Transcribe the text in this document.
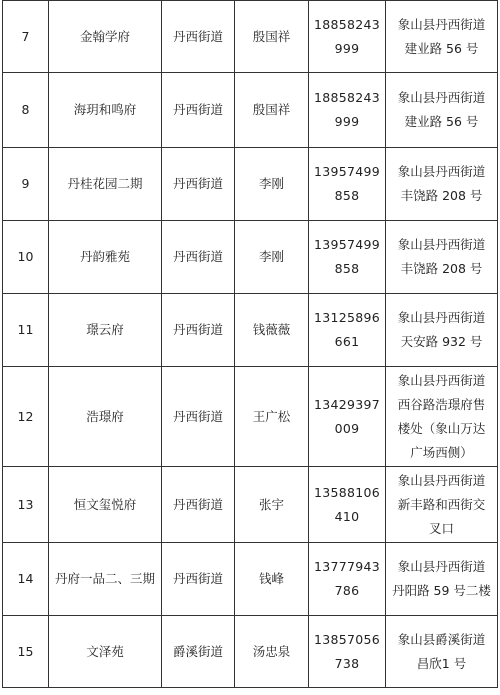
7	金翰学府	丹西街道	殷国祥	18858243999	象山县丹西街道建业路 56 号
8	海玥和鸣府	丹西街道	殷国祥	18858243999	象山县丹西街道建业路 56 号
9	丹桂花园二期	丹西街道	李刚	13957499858	象山县丹西街道丰饶路 208 号
10	丹韵雅苑	丹西街道	李刚	13957499858	象山县丹西街道丰饶路 208 号
11	璟云府	丹西街道	钱薇薇	13125896661	象山县丹西街道天安路 932 号
12	浩璟府	丹西街道	王广松	13429397009	象山县丹西街道西谷路浩璟府售楼处（象山万达广场西侧）
13	恒文玺悦府	丹西街道	张宇	13588106410	象山县丹西街道新丰路和西街交叉口
14	丹府一品二、三期	丹西街道	钱峰	13777943786	象山县丹西街道丹阳路 59 号二楼
15	文泽苑	爵溪街道	汤忠泉	13857056738	象山县爵溪街道昌欣1 号
